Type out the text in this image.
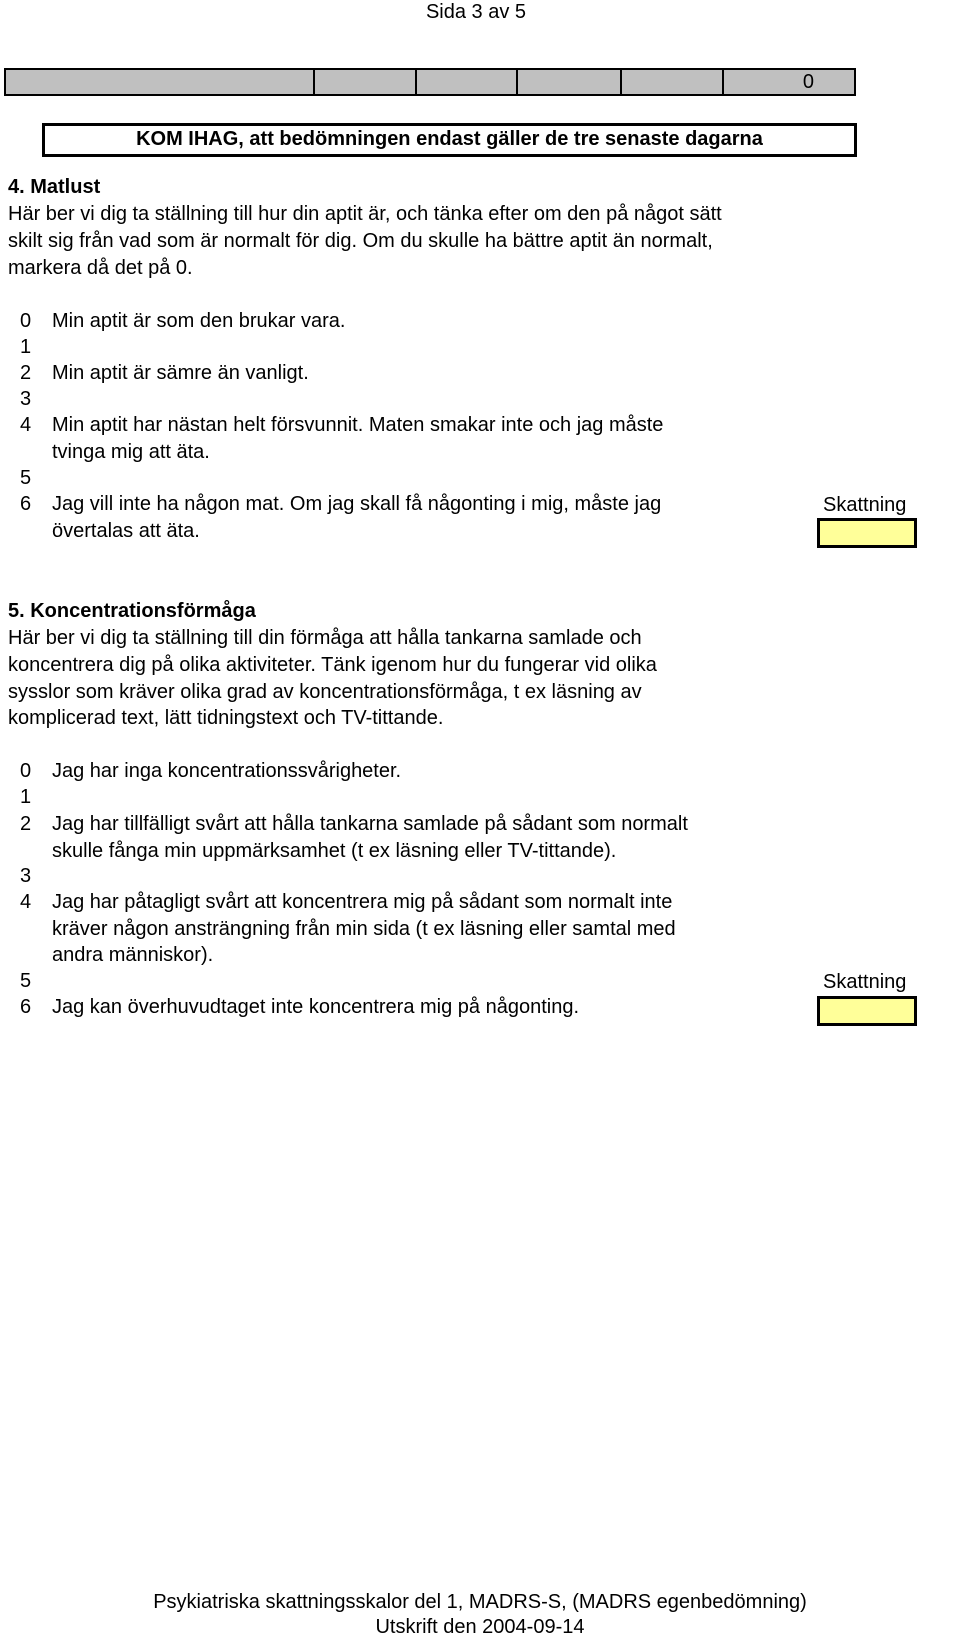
Sida 3 av 5
0
KOM IHAG, att bedömningen endast gäller de tre senaste dagarna
4. Matlust
Här ber vi dig ta ställning till hur din aptit är, och tänka efter om den på något sätt
skilt sig från vad som är normalt för dig. Om du skulle ha bättre aptit än normalt,
markera då det på 0.
0
1
2
3
4
5
6
Min aptit är som den brukar vara.
Min aptit är sämre än vanligt.
Min aptit har nästan helt försvunnit. Maten smakar inte och jag måste
tvinga mig att äta.
Jag vill inte ha någon mat. Om jag skall få någonting i mig, måste jag
övertalas att äta.
Skattning
5. Koncentrationsförmåga
Här ber vi dig ta ställning till din förmåga att hålla tankarna samlade och
koncentrera dig på olika aktiviteter. Tänk igenom hur du fungerar vid olika
sysslor som kräver olika grad av koncentrationsförmåga, t ex läsning av
komplicerad text, lätt tidningstext och TV-tittande.
0
1
2
3
4
5
6
Jag har inga koncentrationssvårigheter.
Jag har tillfälligt svårt att hålla tankarna samlade på sådant som normalt
skulle fånga min uppmärksamhet (t ex läsning eller TV-tittande).
Jag har påtagligt svårt att koncentrera mig på sådant som normalt inte
kräver någon ansträngning från min sida (t ex läsning eller samtal med
andra människor).
Jag kan överhuvudtaget inte koncentrera mig på någonting.
Skattning
Psykiatriska skattningsskalor del 1, MADRS-S, (MADRS egenbedömning)
Utskrift den 2004-09-14
